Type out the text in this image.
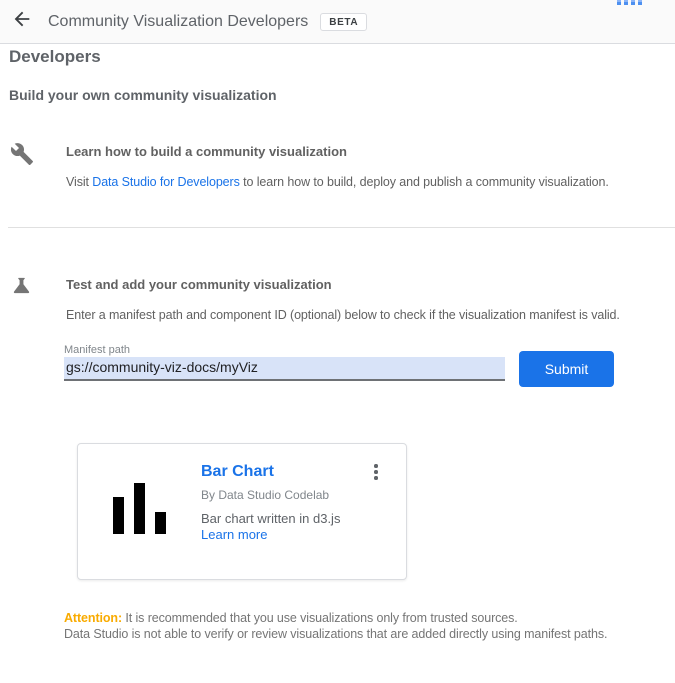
Community Visualization Developers	BETA
Developers
Build your own community visualization
Learn how to build a community visualization
Visit Data Studio for Developers to learn how to build, deploy and publish a community visualization.
Test and add your community visualization
Enter a manifest path and component ID (optional) below to check if the visualization manifest is valid.
Manifest path
gs://community-viz-docs/myViz
Submit
Bar Chart
By Data Studio Codelab
Bar chart written in d3.js
Learn more
Attention: It is recommended that you use visualizations only from trusted sources.
Data Studio is not able to verify or review visualizations that are added directly using manifest paths.
